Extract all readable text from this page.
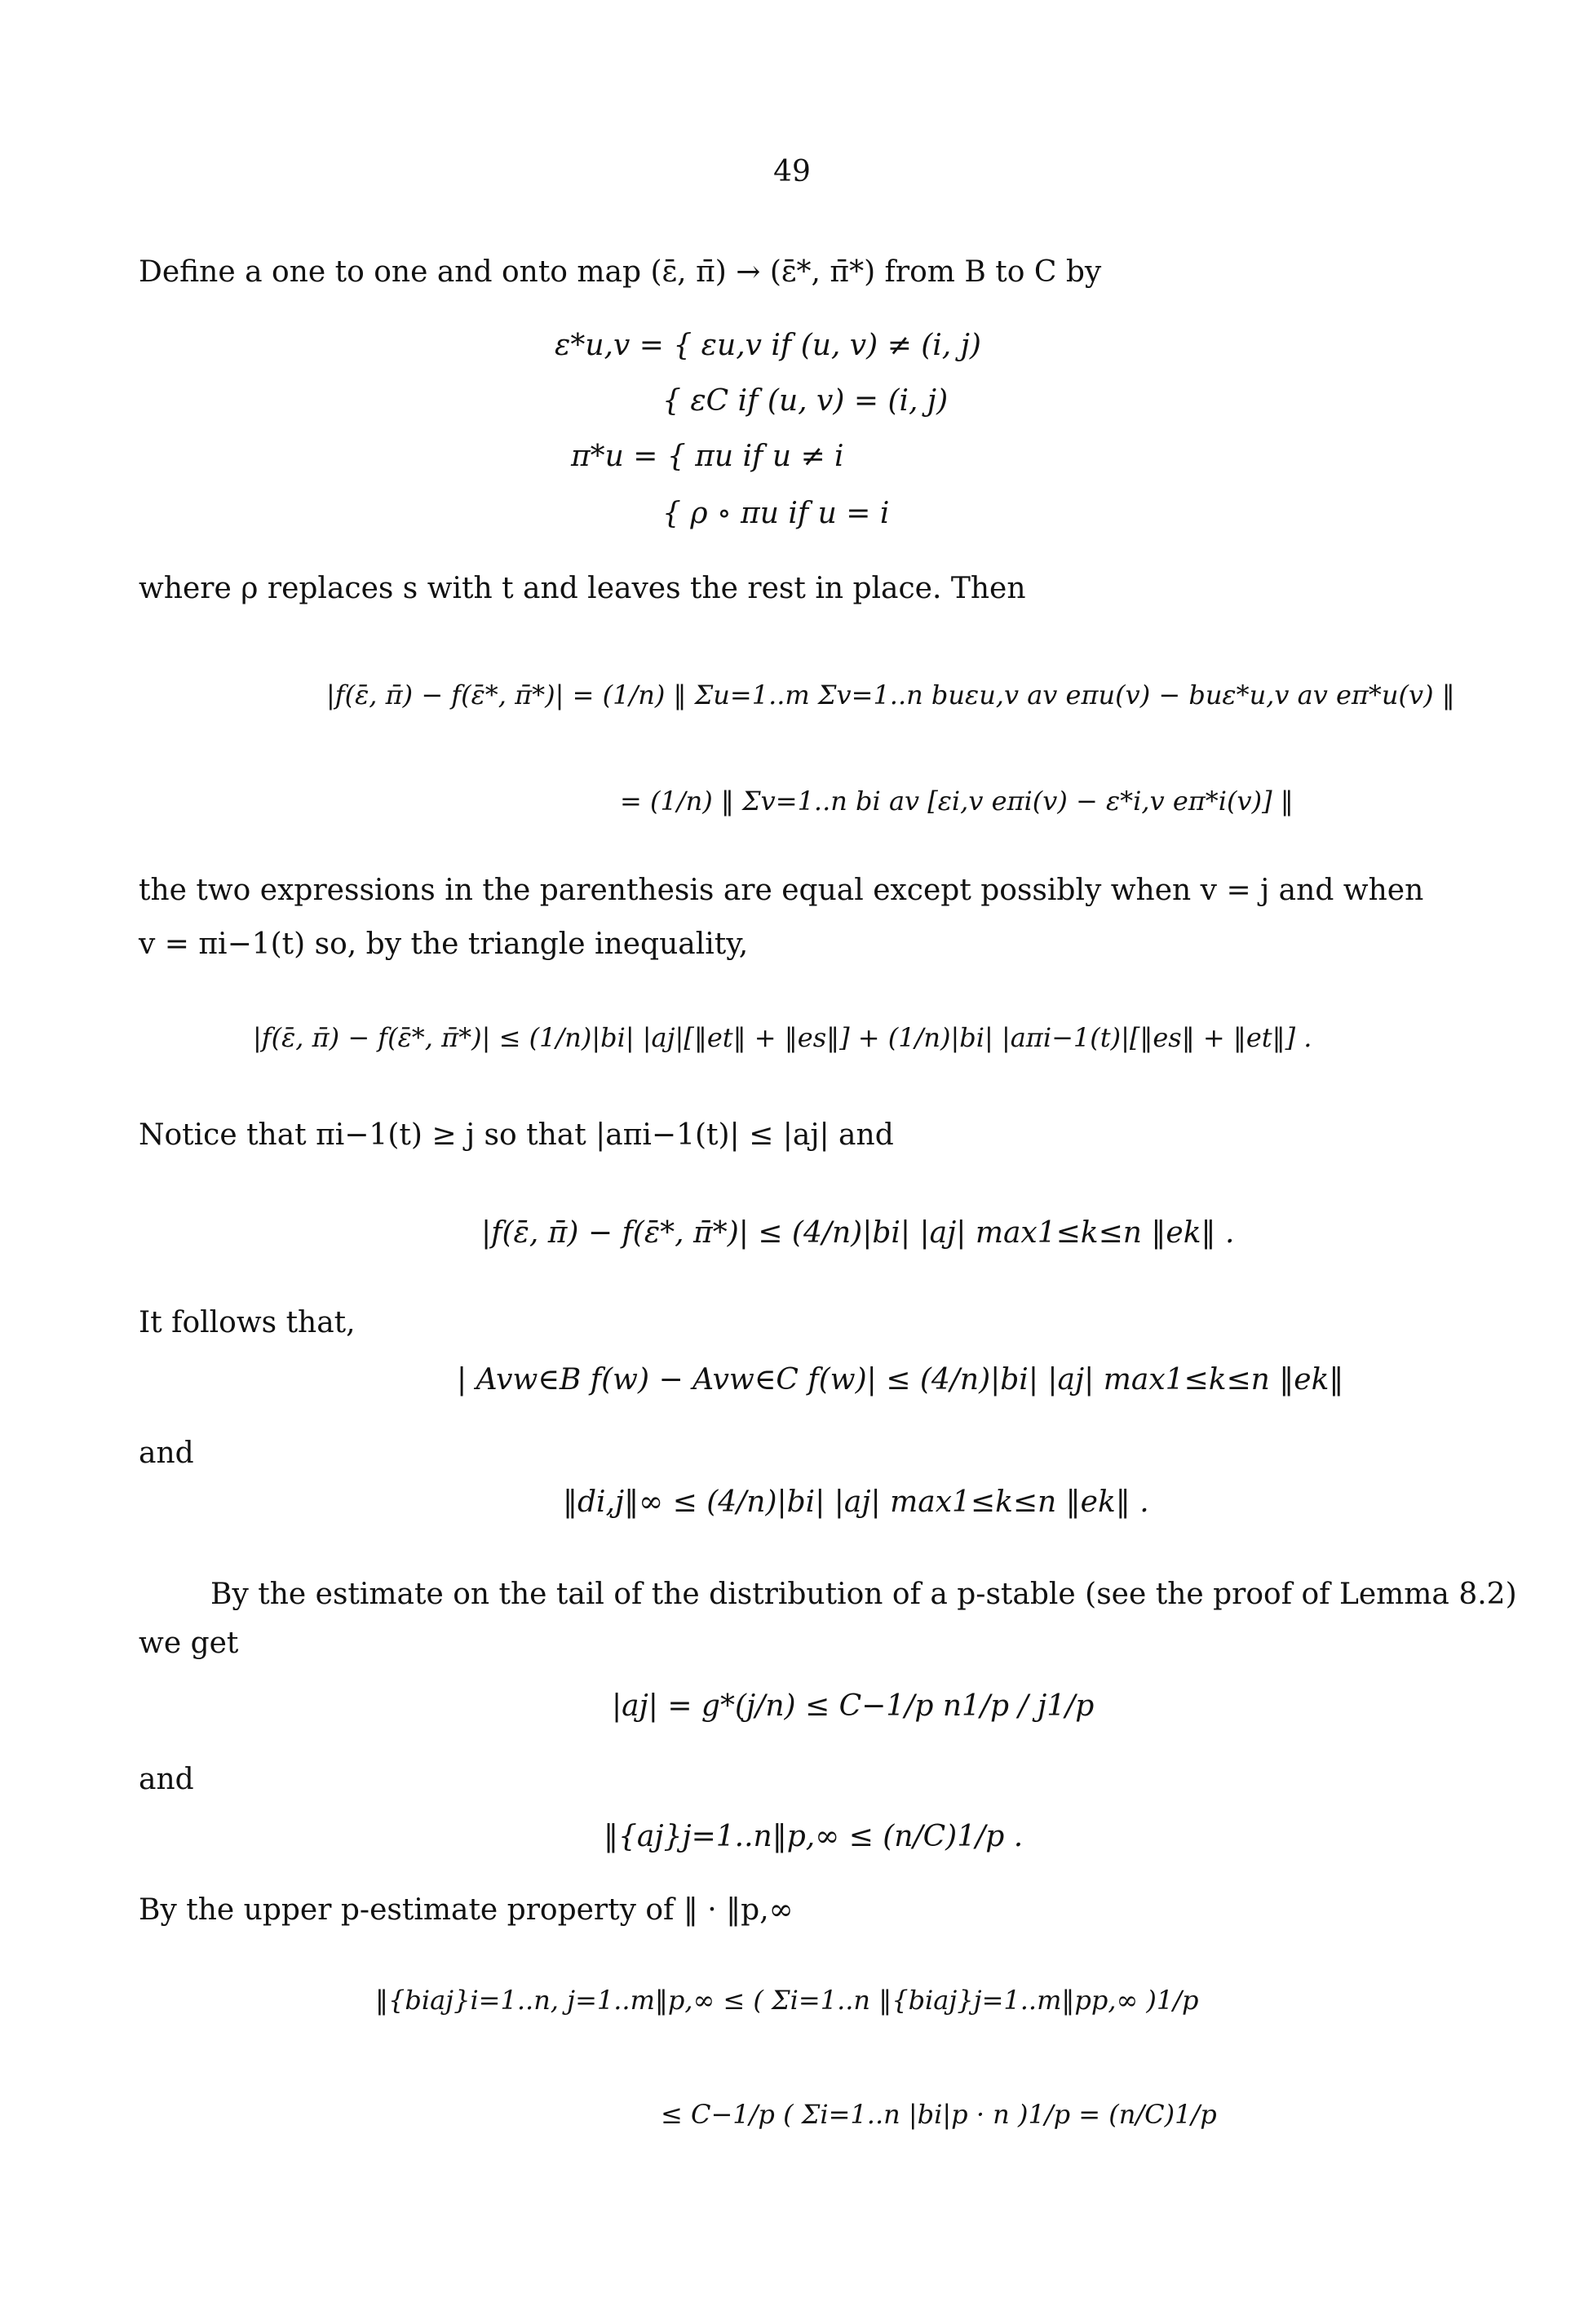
49
Define a one to one and onto map (ε̄, π̄) → (ε̄*, π̄*) from B to C by
ε*u,v = { εu,v if (u, v) ≠ (i, j)
{ εC if (u, v) = (i, j)
π*u = { πu if u ≠ i
{ ρ ∘ πu if u = i
where ρ replaces s with t and leaves the rest in place. Then
|f(ε̄, π̄) − f(ε̄*, π̄*)| = (1/n) ‖ Σu=1..m Σv=1..n buεu,v av eπu(v) − buε*u,v av eπ*u(v) ‖
= (1/n) ‖ Σv=1..n bi av [εi,v eπi(v) − ε*i,v eπ*i(v)] ‖
the two expressions in the parenthesis are equal except possibly when v = j and when
v = πi−1(t) so, by the triangle inequality,
|f(ε̄, π̄) − f(ε̄*, π̄*)| ≤ (1/n)|bi| |aj|[‖et‖ + ‖es‖] + (1/n)|bi| |aπi−1(t)|[‖es‖ + ‖et‖] .
Notice that πi−1(t) ≥ j so that |aπi−1(t)| ≤ |aj| and
|f(ε̄, π̄) − f(ε̄*, π̄*)| ≤ (4/n)|bi| |aj| max1≤k≤n ‖ek‖ .
It follows that,
| Avw∈B f(w) − Avw∈C f(w)| ≤ (4/n)|bi| |aj| max1≤k≤n ‖ek‖
and
‖di,j‖∞ ≤ (4/n)|bi| |aj| max1≤k≤n ‖ek‖ .
By the estimate on the tail of the distribution of a p-stable (see the proof of Lemma 8.2)
we get
|aj| = g*(j/n) ≤ C−1/p n1/p / j1/p
and
‖{aj}j=1..n‖p,∞ ≤ (n/C)1/p .
By the upper p-estimate property of ‖ · ‖p,∞
‖{biaj}i=1..n, j=1..m‖p,∞ ≤ ( Σi=1..n ‖{biaj}j=1..m‖pp,∞ )1/p
≤ C−1/p ( Σi=1..n |bi|p · n )1/p = (n/C)1/p
